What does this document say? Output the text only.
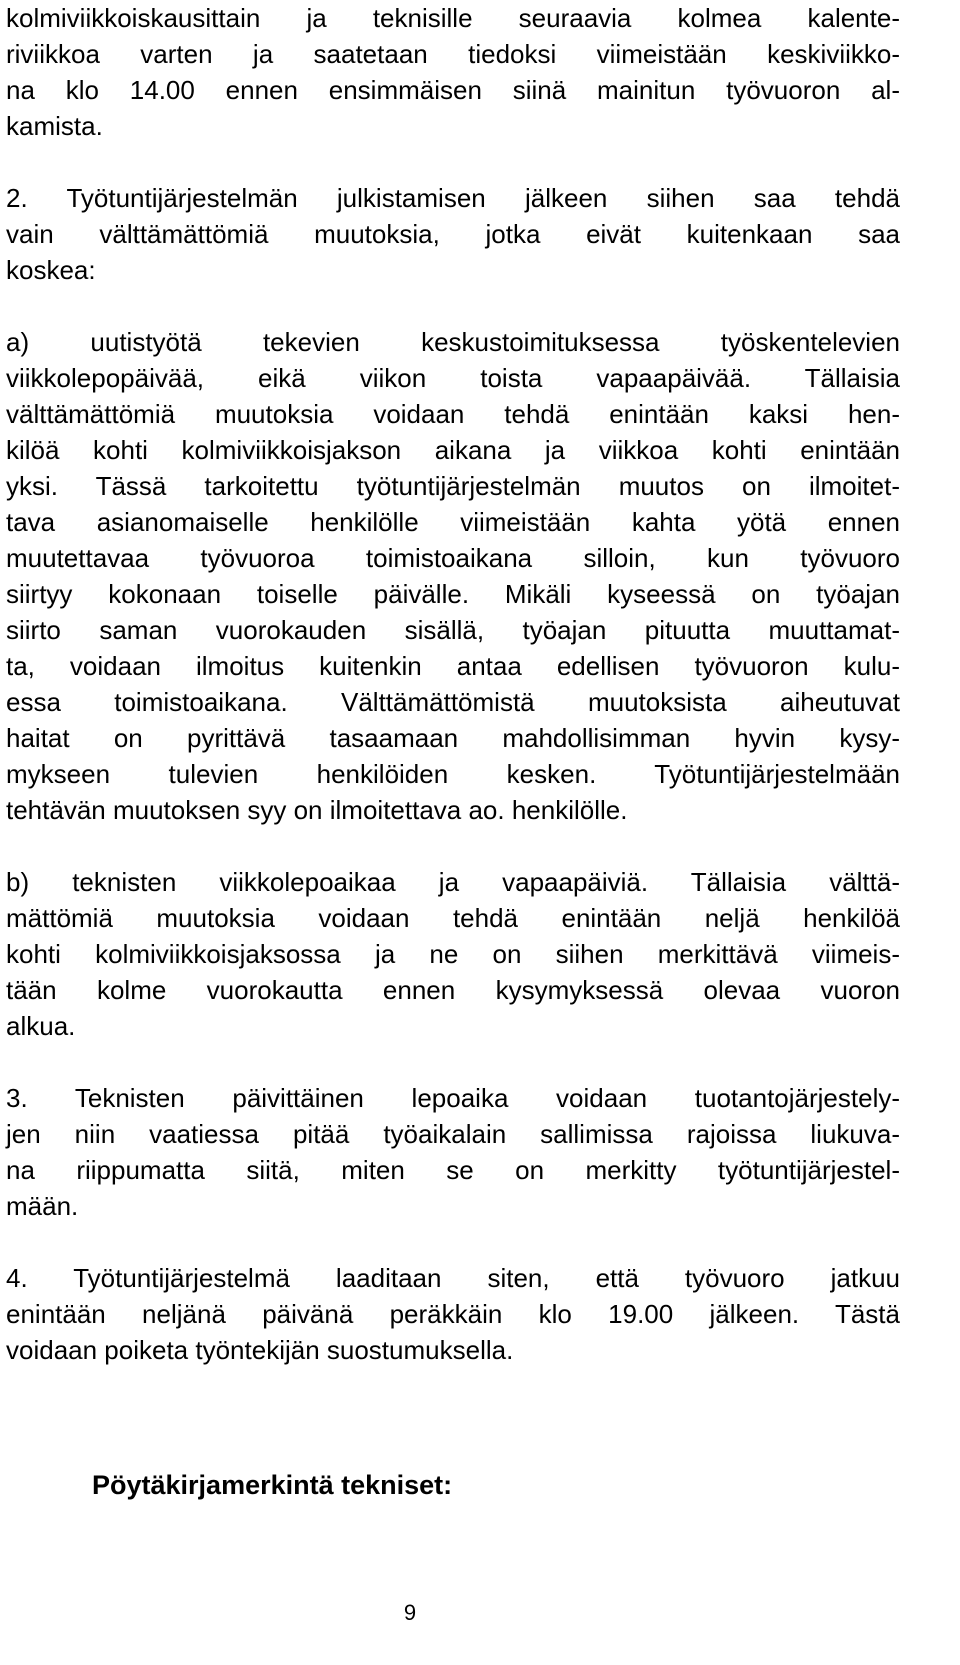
kolmiviikkoiskausittain ja teknisille seuraavia kolmea kalente-
riviikkoa varten ja saatetaan tiedoksi viimeistään keskiviikko-
na klo 14.00 ennen ensimmäisen siinä mainitun työvuoron al-
kamista.
2. Työtuntijärjestelmän julkistamisen jälkeen siihen saa tehdä
vain välttämättömiä muutoksia, jotka eivät kuitenkaan saa
koskea:
a) uutistyötä tekevien keskustoimituksessa työskentelevien
viikkolepopäivää, eikä viikon toista vapaapäivää. Tällaisia
välttämättömiä muutoksia voidaan tehdä enintään kaksi hen-
kilöä kohti kolmiviikkoisjakson aikana ja viikkoa kohti enintään
yksi. Tässä tarkoitettu työtuntijärjestelmän muutos on ilmoitet-
tava asianomaiselle henkilölle viimeistään kahta yötä ennen
muutettavaa työvuoroa toimistoaikana silloin, kun työvuoro
siirtyy kokonaan toiselle päivälle. Mikäli kyseessä on työajan
siirto saman vuorokauden sisällä, työajan pituutta muuttamat-
ta, voidaan ilmoitus kuitenkin antaa edellisen työvuoron kulu-
essa toimistoaikana. Välttämättömistä muutoksista aiheutuvat
haitat on pyrittävä tasaamaan mahdollisimman hyvin kysy-
mykseen tulevien henkilöiden kesken. Työtuntijärjestelmään
tehtävän muutoksen syy on ilmoitettava ao. henkilölle.
b) teknisten viikkolepoaikaa ja vapaapäiviä. Tällaisia välttä-
mättömiä muutoksia voidaan tehdä enintään neljä henkilöä
kohti kolmiviikkoisjaksossa ja ne on siihen merkittävä viimeis-
tään kolme vuorokautta ennen kysymyksessä olevaa vuoron
alkua.
3. Teknisten päivittäinen lepoaika voidaan tuotantojärjestely-
jen niin vaatiessa pitää työaikalain sallimissa rajoissa liukuva-
na riippumatta siitä, miten se on merkitty työtuntijärjestel-
mään.
4. Työtuntijärjestelmä laaditaan siten, että työvuoro jatkuu
enintään neljänä päivänä peräkkäin klo 19.00 jälkeen. Tästä
voidaan poiketa työntekijän suostumuksella.
Pöytäkirjamerkintä tekniset:
9
